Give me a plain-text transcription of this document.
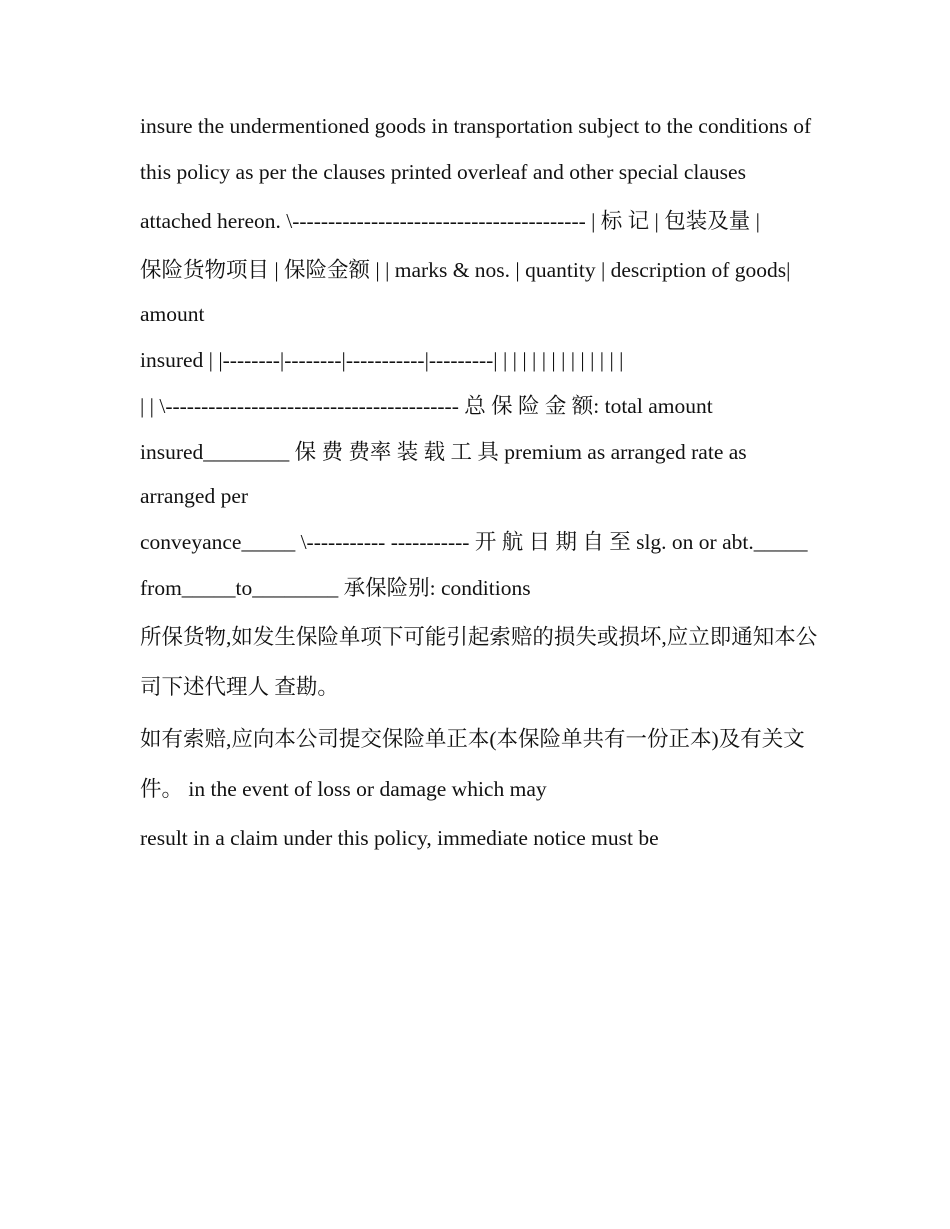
insure the undermentioned goods in transportation subject to the conditions of

this policy as per the clauses printed overleaf and other special clauses

attached hereon. \----------------------------------------- | 标 记 | 包装及量 |

保险货物项目 | 保险金额 | | marks & nos. | quantity | description of goods| amount

insured | |--------|--------|-----------|---------| | | | | | | | | | | | | |

| | \----------------------------------------- 总 保 险 金 额: total amount

insured________ 保 费 费率 装 载 工 具 premium as arranged rate as arranged per

conveyance_____ \----------- ----------- 开 航 日 期 自 至 slg. on or abt._____

from_____to________ 承保险别: conditions

所保货物,如发生保险单项下可能引起索赔的损失或损坏,应立即通知本公司下述代理人 查勘。

如有索赔,应向本公司提交保险单正本(本保险单共有一份正本)及有关文件。 in the event of loss or damage which may

result in a claim under this policy, immediate notice must be
